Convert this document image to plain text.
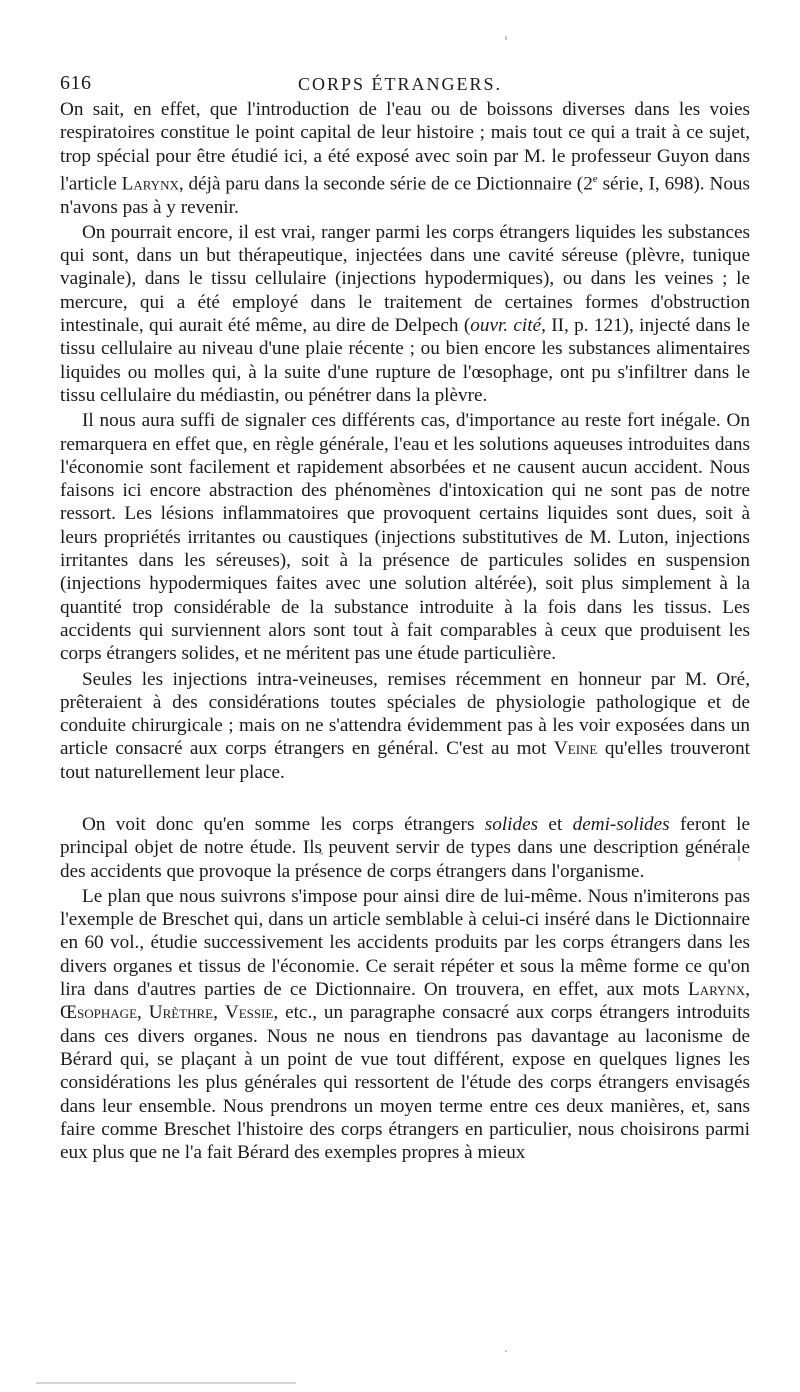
616	CORPS ÉTRANGERS.

On sait, en effet, que l'introduction de l'eau ou de boissons diverses dans les voies respiratoires constitue le point capital de leur histoire ; mais tout ce qui a trait à ce sujet, trop spécial pour être étudié ici, a été exposé avec soin par M. le professeur Guyon dans l'article Larynx, déjà paru dans la seconde série de ce Dictionnaire (2e série, I, 698). Nous n'avons pas à y revenir.

On pourrait encore, il est vrai, ranger parmi les corps étrangers liquides les substances qui sont, dans un but thérapeutique, injectées dans une cavité séreuse (plèvre, tunique vaginale), dans le tissu cellulaire (injections hypodermiques), ou dans les veines ; le mercure, qui a été employé dans le traitement de certaines formes d'obstruction intestinale, qui aurait été même, au dire de Delpech (ouvr. cité, II, p. 121), injecté dans le tissu cellulaire au niveau d'une plaie récente ; ou bien encore les substances alimentaires liquides ou molles qui, à la suite d'une rupture de l'œsophage, ont pu s'infiltrer dans le tissu cellulaire du médiastin, ou pénétrer dans la plèvre.

Il nous aura suffi de signaler ces différents cas, d'importance au reste fort inégale. On remarquera en effet que, en règle générale, l'eau et les solutions aqueuses introduites dans l'économie sont facilement et rapidement absorbées et ne causent aucun accident. Nous faisons ici encore abstraction des phénomènes d'intoxication qui ne sont pas de notre ressort. Les lésions inflammatoires que provoquent certains liquides sont dues, soit à leurs propriétés irritantes ou caustiques (injections substitutives de M. Luton, injections irritantes dans les séreuses), soit à la présence de particules solides en suspension (injections hypodermiques faites avec une solution altérée), soit plus simplement à la quantité trop considérable de la substance introduite à la fois dans les tissus. Les accidents qui surviennent alors sont tout à fait comparables à ceux que produisent les corps étrangers solides, et ne méritent pas une étude particulière.

Seules les injections intra-veineuses, remises récemment en honneur par M. Oré, prêteraient à des considérations toutes spéciales de physiologie pathologique et de conduite chirurgicale ; mais on ne s'attendra évidemment pas à les voir exposées dans un article consacré aux corps étrangers en général. C'est au mot Veine qu'elles trouveront tout naturellement leur place.

On voit donc qu'en somme les corps étrangers solides et demi-solides feront le principal objet de notre étude. Ils peuvent servir de types dans une description générale des accidents que provoque la présence de corps étrangers dans l'organisme.

Le plan que nous suivrons s'impose pour ainsi dire de lui-même. Nous n'imiterons pas l'exemple de Breschet qui, dans un article semblable à celui-ci inséré dans le Dictionnaire en 60 vol., étudie successivement les accidents produits par les corps étrangers dans les divers organes et tissus de l'économie. Ce serait répéter et sous la même forme ce qu'on lira dans d'autres parties de ce Dictionnaire. On trouvera, en effet, aux mots Larynx, Œsophage, Urèthre, Vessie, etc., un paragraphe consacré aux corps étrangers introduits dans ces divers organes. Nous ne nous en tiendrons pas davantage au laconisme de Bérard qui, se plaçant à un point de vue tout différent, expose en quelques lignes les considérations les plus générales qui ressortent de l'étude des corps étrangers envisagés dans leur ensemble. Nous prendrons un moyen terme entre ces deux manières, et, sans faire comme Breschet l'histoire des corps étrangers en particulier, nous choisirons parmi eux plus que ne l'a fait Bérard des exemples propres à mieux
